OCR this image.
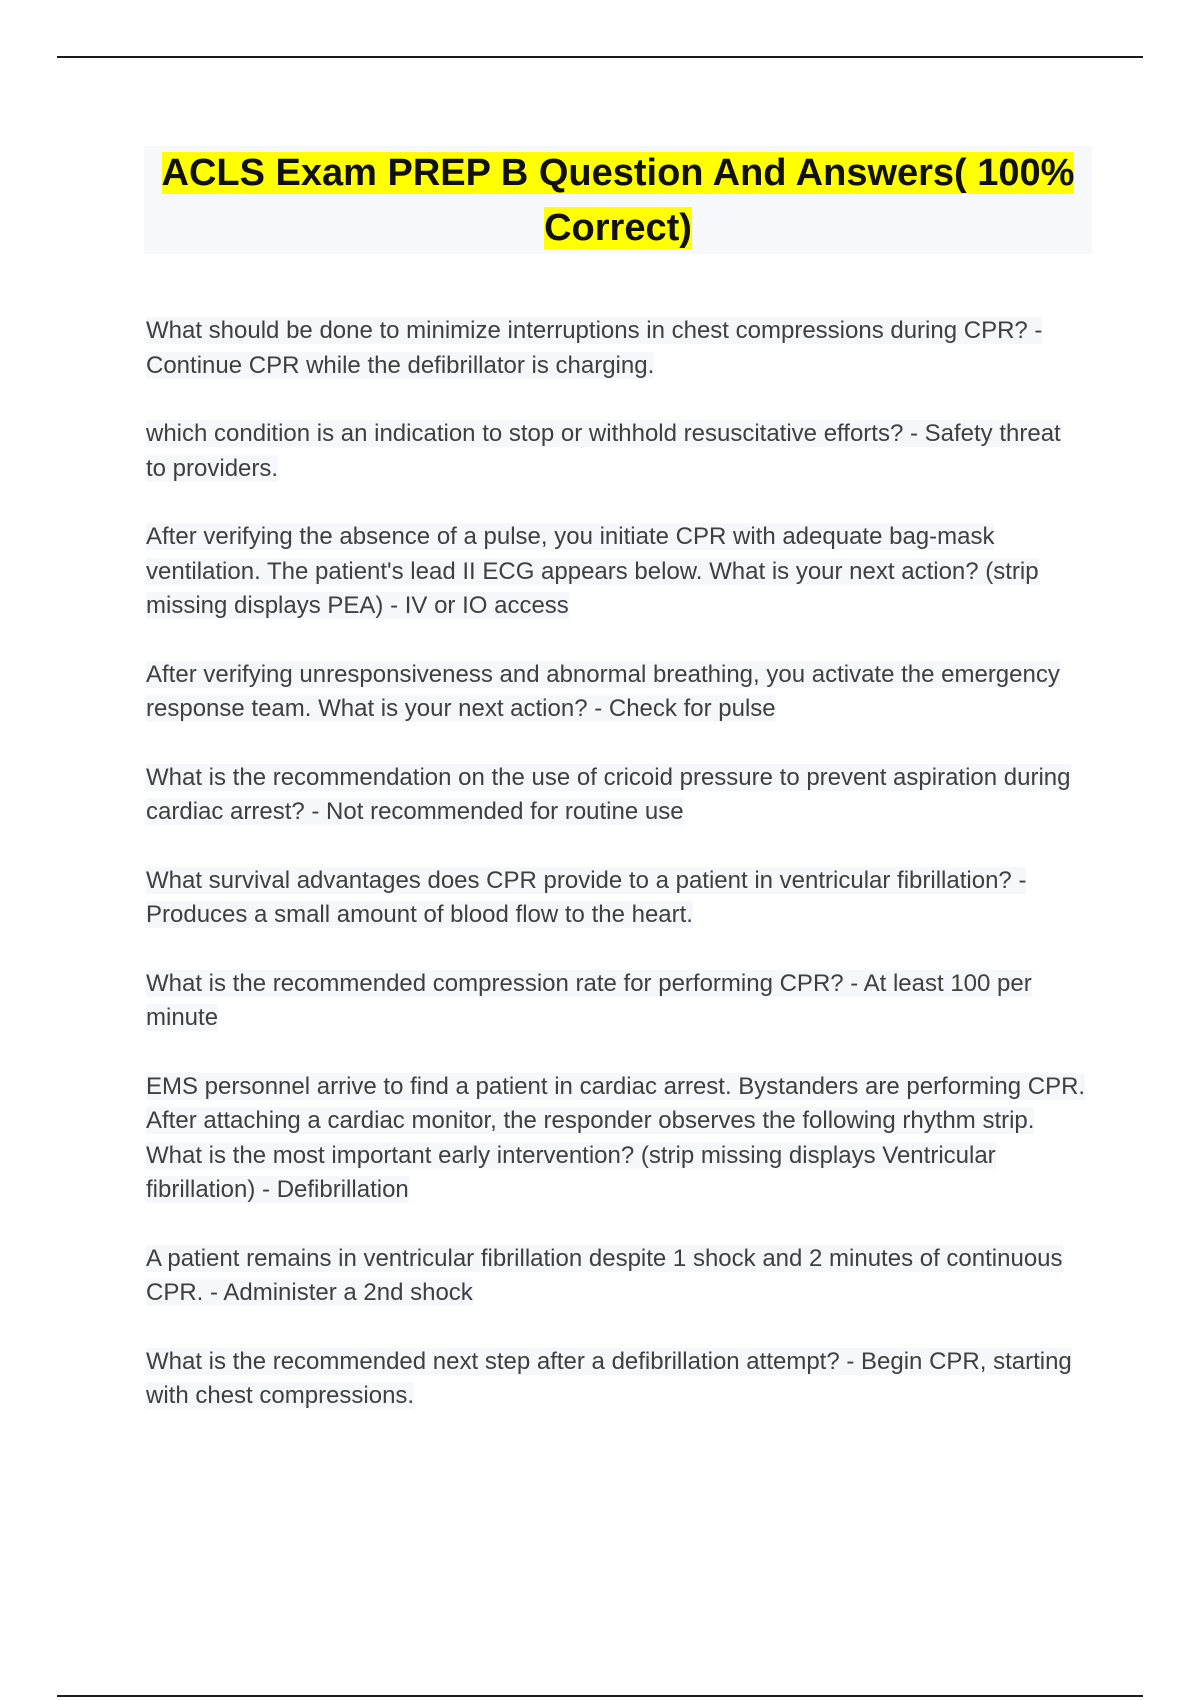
ACLS Exam PREP B Question And Answers( 100% Correct)

What should be done to minimize interruptions in chest compressions during CPR? - Continue CPR while the defibrillator is charging.

which condition is an indication to stop or withhold resuscitative efforts? - Safety threat to providers.

After verifying the absence of a pulse, you initiate CPR with adequate bag-mask ventilation. The patient's lead II ECG appears below. What is your next action? (strip missing displays PEA) - IV or IO access

After verifying unresponsiveness and abnormal breathing, you activate the emergency response team. What is your next action? - Check for pulse

What is the recommendation on the use of cricoid pressure to prevent aspiration during cardiac arrest? - Not recommended for routine use

What survival advantages does CPR provide to a patient in ventricular fibrillation? - Produces a small amount of blood flow to the heart.

What is the recommended compression rate for performing CPR? - At least 100 per minute

EMS personnel arrive to find a patient in cardiac arrest. Bystanders are performing CPR. After attaching a cardiac monitor, the responder observes the following rhythm strip. What is the most important early intervention? (strip missing displays Ventricular fibrillation) - Defibrillation

A patient remains in ventricular fibrillation despite 1 shock and 2 minutes of continuous CPR. - Administer a 2nd shock

What is the recommended next step after a defibrillation attempt? - Begin CPR, starting with chest compressions.
